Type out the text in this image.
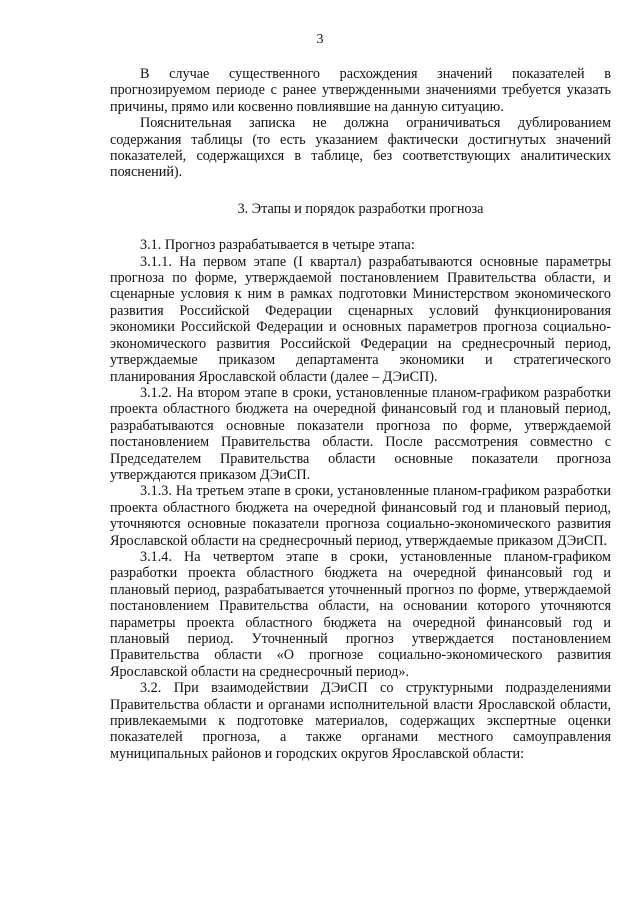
3

В случае существенного расхождения значений показателей в прогнозируемом периоде с ранее утвержденными значениями требуется указать причины, прямо или косвенно повлиявшие на данную ситуацию.

Пояснительная записка не должна ограничиваться дублированием содержания таблицы (то есть указанием фактически достигнутых значений показателей, содержащихся в таблице, без соответствующих аналитических пояснений).

3. Этапы и порядок разработки прогноза

3.1. Прогноз разрабатывается в четыре этапа:

3.1.1. На первом этапе (I квартал) разрабатываются основные параметры прогноза по форме, утверждаемой постановлением Правительства области, и сценарные условия к ним в рамках подготовки Министерством экономического развития Российской Федерации сценарных условий функционирования экономики Российской Федерации и основных параметров прогноза социально-экономического развития Российской Федерации на среднесрочный период, утверждаемые приказом департамента экономики и стратегического планирования Ярославской области (далее – ДЭиСП).

3.1.2. На втором этапе в сроки, установленные планом-графиком разработки проекта областного бюджета на очередной финансовый год и плановый период, разрабатываются основные показатели прогноза по форме, утверждаемой постановлением Правительства области. После рассмотрения совместно с Председателем Правительства области основные показатели прогноза утверждаются приказом ДЭиСП.

3.1.3. На третьем этапе в сроки, установленные планом-графиком разработки проекта областного бюджета на очередной финансовый год и плановый период, уточняются основные показатели прогноза социально-экономического развития Ярославской области на среднесрочный период, утверждаемые приказом ДЭиСП.

3.1.4. На четвертом этапе в сроки, установленные планом-графиком разработки проекта областного бюджета на очередной финансовый год и плановый период, разрабатывается уточненный прогноз по форме, утверждаемой постановлением Правительства области, на основании которого уточняются параметры проекта областного бюджета на очередной финансовый год и плановый период. Уточненный прогноз утверждается постановлением Правительства области «О прогнозе социально-экономического развития Ярославской области на среднесрочный период».

3.2. При взаимодействии ДЭиСП со структурными подразделениями Правительства области и органами исполнительной власти Ярославской области, привлекаемыми к подготовке материалов, содержащих экспертные оценки показателей прогноза, а также органами местного самоуправления муниципальных районов и городских округов Ярославской области:
